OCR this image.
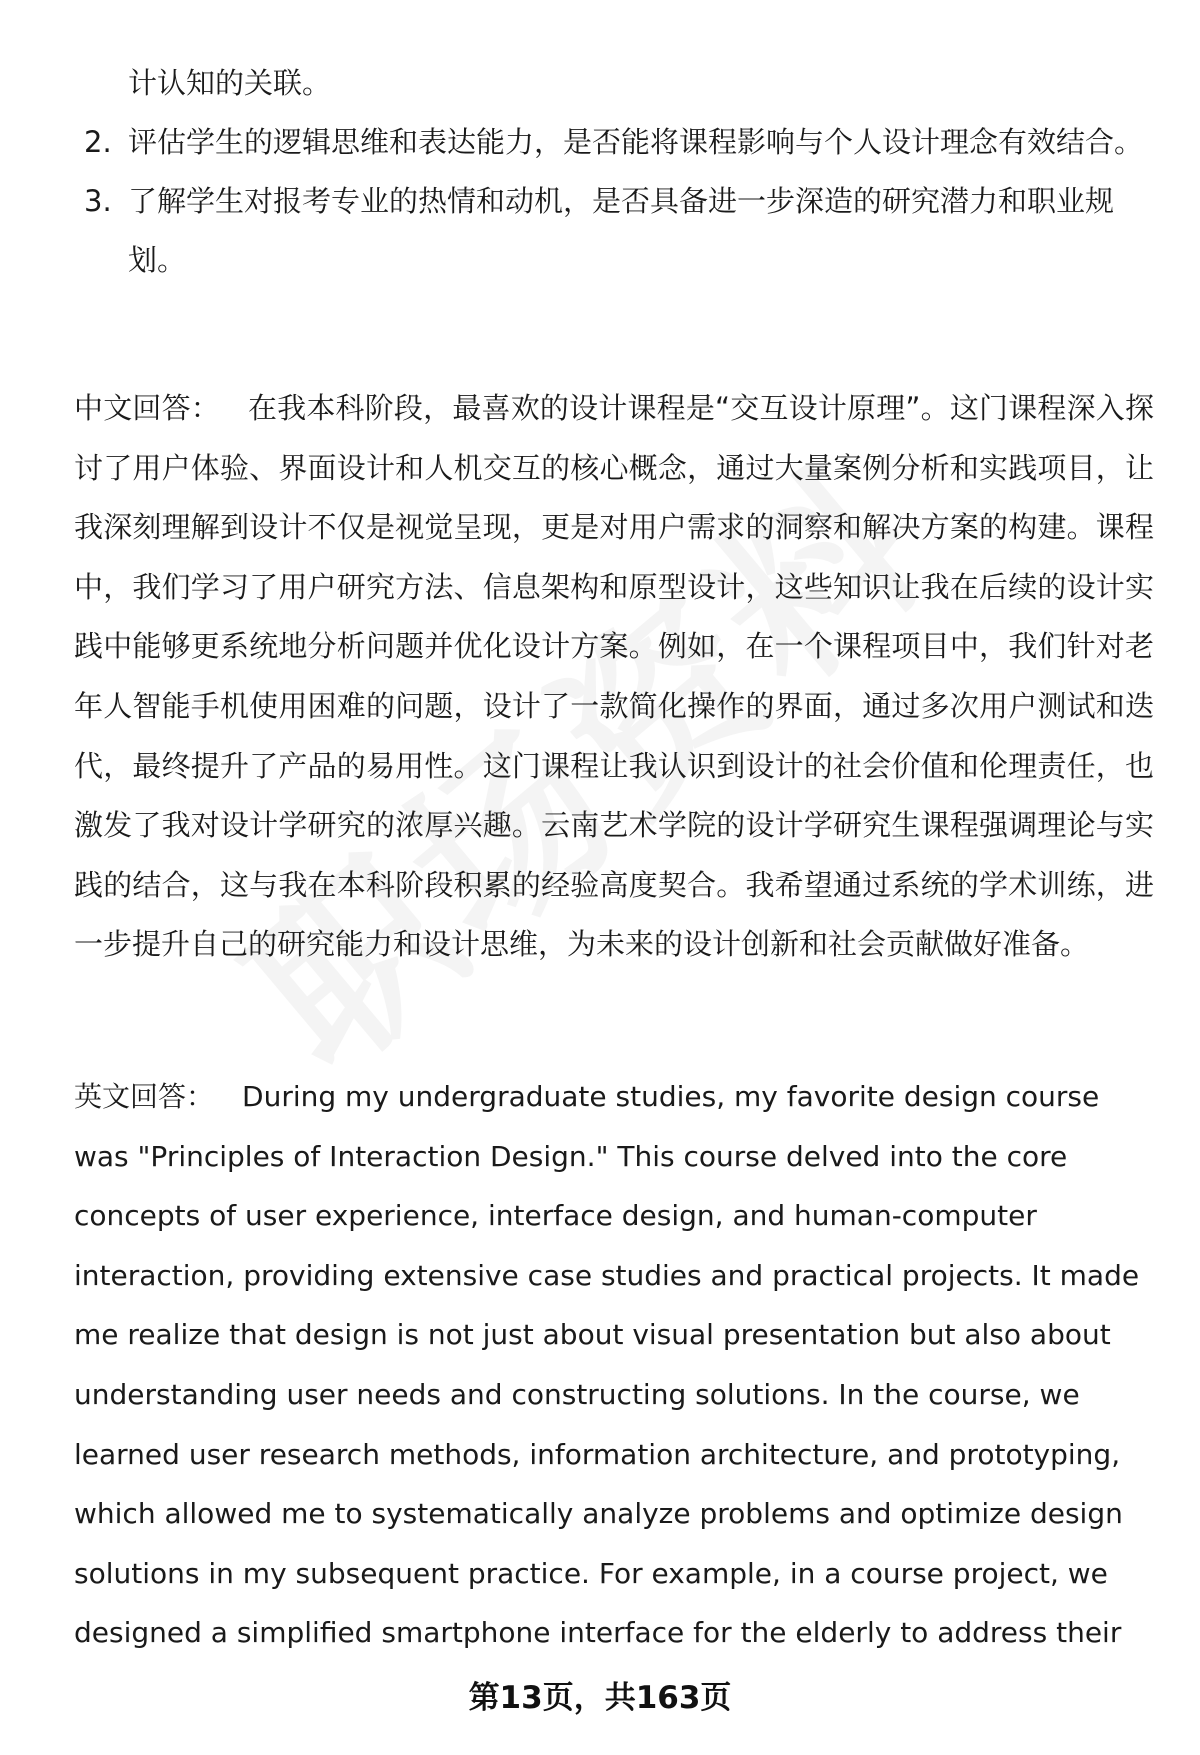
计认知的关联。
2. 评估学生的逻辑思维和表达能力，是否能将课程影响与个人设计理念有效结合。
3. 了解学生对报考专业的热情和动机，是否具备进一步深造的研究潜力和职业规划。
中文回答： 在我本科阶段，最喜欢的设计课程是“交互设计原理”。这门课程深入探讨了用户体验、界面设计和人机交互的核心概念，通过大量案例分析和实践项目，让我深刻理解到设计不仅是视觉呈现，更是对用户需求的洞察和解决方案的构建。课程中，我们学习了用户研究方法、信息架构和原型设计，这些知识让我在后续的设计实践中能够更系统地分析问题并优化设计方案。例如，在一个课程项目中，我们针对老年人智能手机使用困难的问题，设计了一款简化操作的界面，通过多次用户测试和迭代，最终提升了产品的易用性。这门课程让我认识到设计的社会价值和伦理责任，也激发了我对设计学研究的浓厚兴趣。云南艺术学院的设计学研究生课程强调理论与实践的结合，这与我在本科阶段积累的经验高度契合。我希望通过系统的学术训练，进一步提升自己的研究能力和设计思维，为未来的设计创新和社会贡献做好准备。
英文回答： During my undergraduate studies, my favorite design course was "Principles of Interaction Design." This course delved into the core concepts of user experience, interface design, and human-computer interaction, providing extensive case studies and practical projects. It made me realize that design is not just about visual presentation but also about understanding user needs and constructing solutions. In the course, we learned user research methods, information architecture, and prototyping, which allowed me to systematically analyze problems and optimize design solutions in my subsequent practice. For example, in a course project, we designed a simplified smartphone interface for the elderly to address their
第13页，共163页
